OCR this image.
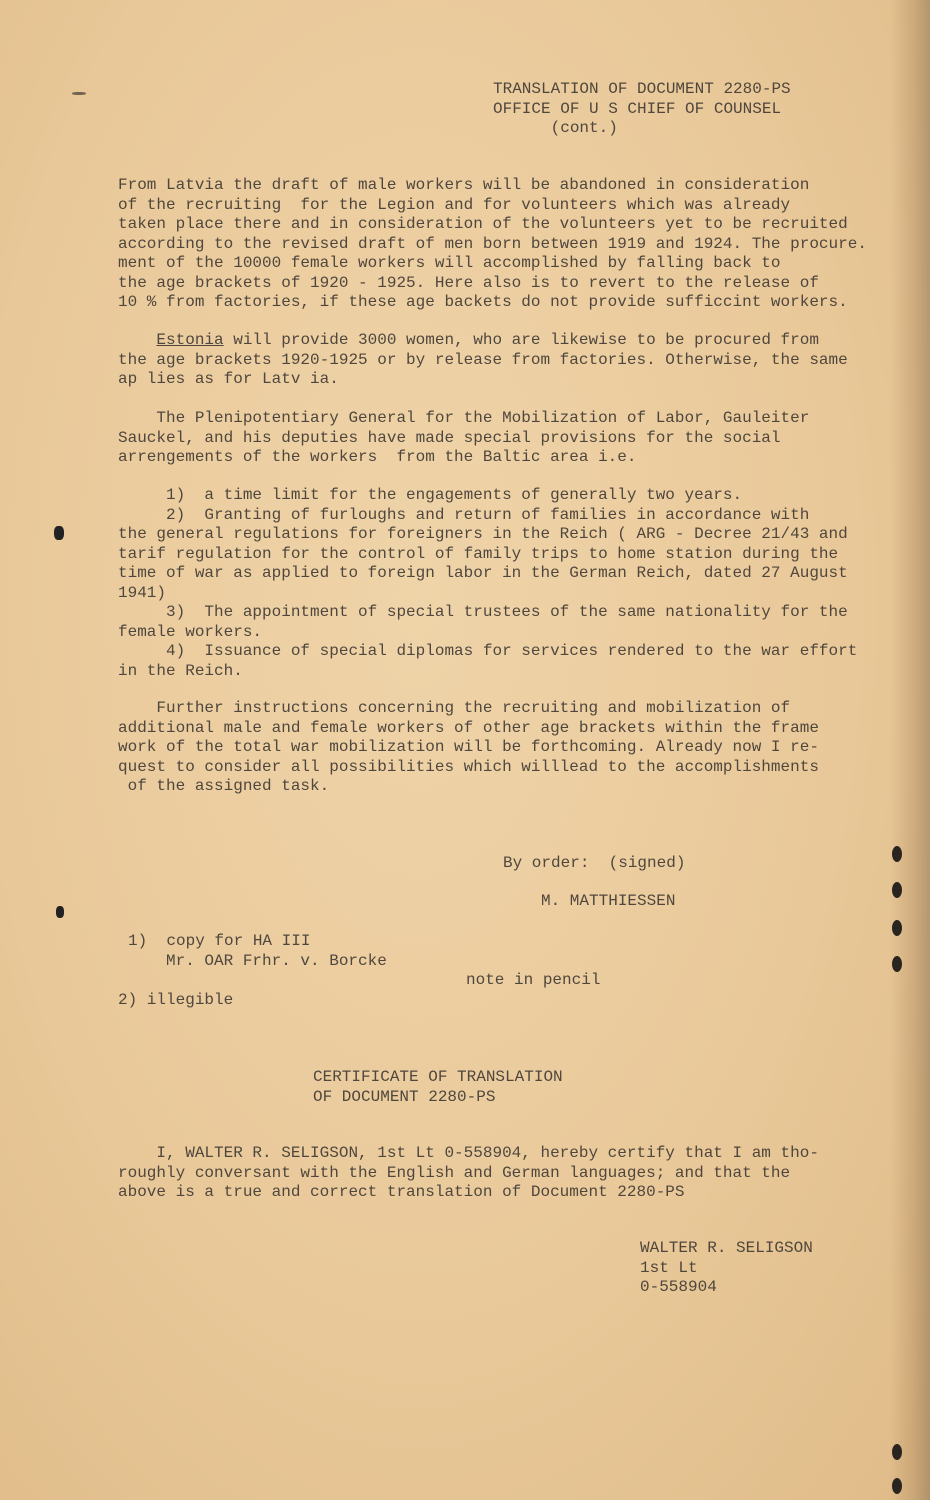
TRANSLATION OF DOCUMENT 2280-PS
OFFICE OF U S CHIEF OF COUNSEL
(cont.)
From Latvia the draft of male workers will be abandoned in consideration
of the recruiting  for the Legion and for volunteers which was already
taken place there and in consideration of the volunteers yet to be recruited
according to the revised draft of men born between 1919 and 1924. The procure.
ment of the 10000 female workers will accomplished by falling back to
the age brackets of 1920 - 1925. Here also is to revert to the release of
10 % from factories, if these age backets do not provide sufficcint workers.
Estonia will provide 3000 women, who are likewise to be procured from
the age brackets 1920-1925 or by release from factories. Otherwise, the same
ap lies as for Latv ia.
The Plenipotentiary General for the Mobilization of Labor, Gauleiter
Sauckel, and his deputies have made special provisions for the social
arrengements of the workers  from the Baltic area i.e.
1)  a time limit for the engagements of generally two years.
2)  Granting of furloughs and return of families in accordance with
the general regulations for foreigners in the Reich ( ARG - Decree 21/43 and
tarif regulation for the control of family trips to home station during the
time of war as applied to foreign labor in the German Reich, dated 27 August
1941)
3)  The appointment of special trustees of the same nationality for the
female workers.
4)  Issuance of special diplomas for services rendered to the war effort
in the Reich.
Further instructions concerning the recruiting and mobilization of
additional male and female workers of other age brackets within the frame
work of the total war mobilization will be forthcoming. Already now I re-
quest to consider all possibilities which willlead to the accomplishments
of the assigned task.
By order:  (signed)
M. MATTHIESSEN
1)  copy for HA III
Mr. OAR Frhr. v. Borcke
note in pencil
2) illegible
CERTIFICATE OF TRANSLATION
OF DOCUMENT 2280-PS
I, WALTER R. SELIGSON, 1st Lt 0-558904, hereby certify that I am tho-
roughly conversant with the English and German languages; and that the
above is a true and correct translation of Document 2280-PS
WALTER R. SELIGSON
1st Lt
0-558904
